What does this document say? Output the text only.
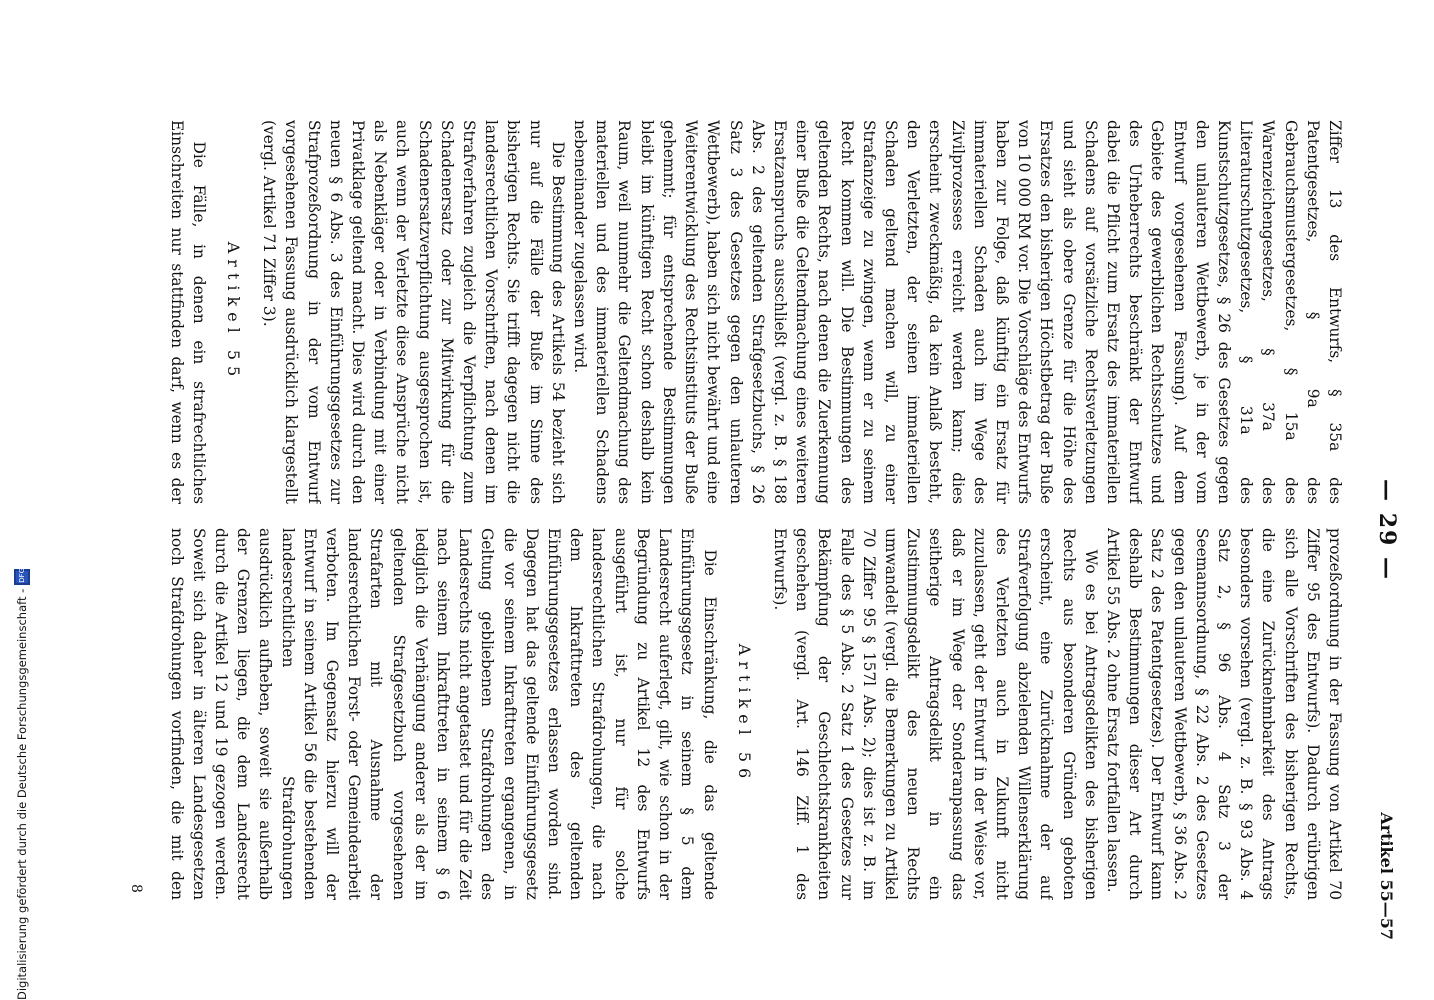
Digitalisierung gefördert durch die Deutsche Forschungsgemeinschaft -
DFG	— 29 —
Artikel 55—57

Ziffer 13 des Entwurfs, § 35a des Patentgesetzes, § 9a des Gebrauchsmustergesetzes, § 15a des Warenzeichengesetzes, § 37a des Literaturschutzgesetzes, § 31a des Kunstschutzgesetzes, § 26 des Gesetzes gegen den unlauteren Wettbewerb, je in der vom Entwurf vorgesehenen Fassung). Auf dem Gebiete des gewerblichen Rechtsschutzes und des Urheberrechts beschränkt der Entwurf dabei die Pflicht zum Ersatz des immateriellen Schadens auf vorsätzliche Rechtsverletzungen und sieht als obere Grenze für die Höhe des Ersatzes den bisherigen Höchstbetrag der Buße von 10 000 RM vor. Die Vorschläge des Entwurfs haben zur Folge, daß künftig ein Ersatz für immateriellen Schaden auch im Wege des Zivilprozesses erreicht werden kann; dies erscheint zweckmäßig, da kein Anlaß besteht, den Verletzten, der seinen immateriellen Schaden geltend machen will, zu einer Strafanzeige zu zwingen, wenn er zu seinem Recht kommen will. Die Bestimmungen des geltenden Rechts, nach denen die Zuerkennung einer Buße die Geltendmachung eines weiteren Ersatzanspruchs ausschließt (vergl. z. B. § 188 Abs. 2 des geltenden Strafgesetzbuchs, § 26 Satz 3 des Gesetzes gegen den unlauteren Wettbewerb), haben sich nicht bewährt und eine Weiterentwicklung des Rechtsinstituts der Buße gehemmt; für entsprechende Bestimmungen bleibt im künftigen Recht schon deshalb kein Raum, weil nunmehr die Geltendmachung des materiellen und des immateriellen Schadens nebeneinander zugelassen wird.

Die Bestimmung des Artikels 54 bezieht sich nur auf die Fälle der Buße im Sinne des bisherigen Rechts. Sie trifft dagegen nicht die landesrechtlichen Vorschriften, nach denen im Strafverfahren zugleich die Verpflichtung zum Schadenersatz oder zur Mitwirkung für die Schadenersatzverpflichtung ausgesprochen ist, auch wenn der Verletzte diese Ansprüche nicht als Nebenkläger oder in Verbindung mit einer Privatklage geltend macht. Dies wird durch den neuen § 6 Abs. 3 des Einführungsgesetzes zur Strafprozeßordnung in der vom Entwurf vorgesehenen Fassung ausdrücklich klargestellt (vergl. Artikel 71 Ziffer 3).

Artikel 55

Die Fälle, in denen ein strafrechtliches Einschreiten nur stattfinden darf, wenn es der

prozeßordnung in der Fassung von Artikel 70 Ziffer 95 des Entwurfs). Dadurch erübrigen sich alle Vorschriften des bisherigen Rechts, die eine Zurücknehmbarkeit des Antrags besonders vorsehen (vergl. z. B. § 93 Abs. 4 Satz 2, § 96 Abs. 4 Satz 3 der Seemannsordnung, § 22 Abs. 2 des Gesetzes gegen den unlauteren Wettbewerb, § 36 Abs. 2 Satz 2 des Patentgesetzes). Der Entwurf kann deshalb Bestimmungen dieser Art durch Artikel 55 Abs. 2 ohne Ersatz fortfallen lassen.

Wo es bei Antragsdelikten des bisherigen Rechts aus besonderen Gründen geboten erscheint, eine Zurücknahme der auf Strafverfolgung abzielenden Willenserklärung des Verletzten auch in Zukunft nicht zuzulassen, geht der Entwurf in der Weise vor, daß er im Wege der Sonderanpassung das seitherige Antragsdelikt in ein Zustimmungsdelikt des neuen Rechts umwandelt (vergl. die Bemerkungen zu Artikel 70 Ziffer 95 § 157l Abs. 2); dies ist z. B. im Falle des § 5 Abs. 2 Satz 1 des Gesetzes zur Bekämpfung der Geschlechtskrankheiten geschehen (vergl. Art. 146 Ziff. 1 des Entwurfs).

Artikel 56

Die Einschränkung, die das geltende Einführungsgesetz in seinem § 5 dem Landesrecht auferlegt, gilt, wie schon in der Begründung zu Artikel 12 des Entwurfs ausgeführt ist, nur für solche landesrechtlichen Strafdrohungen, die nach dem Inkrafttreten des geltenden Einführungsgesetzes erlassen worden sind. Dagegen hat das geltende Einführungsgesetz die vor seinem Inkrafttreten ergangenen, in Geltung gebliebenen Strafdrohungen des Landesrechts nicht angetastet und für die Zeit nach seinem Inkrafttreten in seinem § 6 lediglich die Verhängung anderer als der im geltenden Strafgesetzbuch vorgesehenen Strafarten mit Ausnahme der landesrechtlichen Forst- oder Gemeindearbeit verboten. Im Gegensatz hierzu will der Entwurf in seinem Artikel 56 die bestehenden landesrechtlichen Strafdrohungen ausdrücklich aufheben, soweit sie außerhalb der Grenzen liegen, die dem Landesrecht durch die Artikel 12 und 19 gezogen werden. Soweit sich daher in älteren Landesgesetzen noch Strafdrohungen vorfinden, die mit den

8
